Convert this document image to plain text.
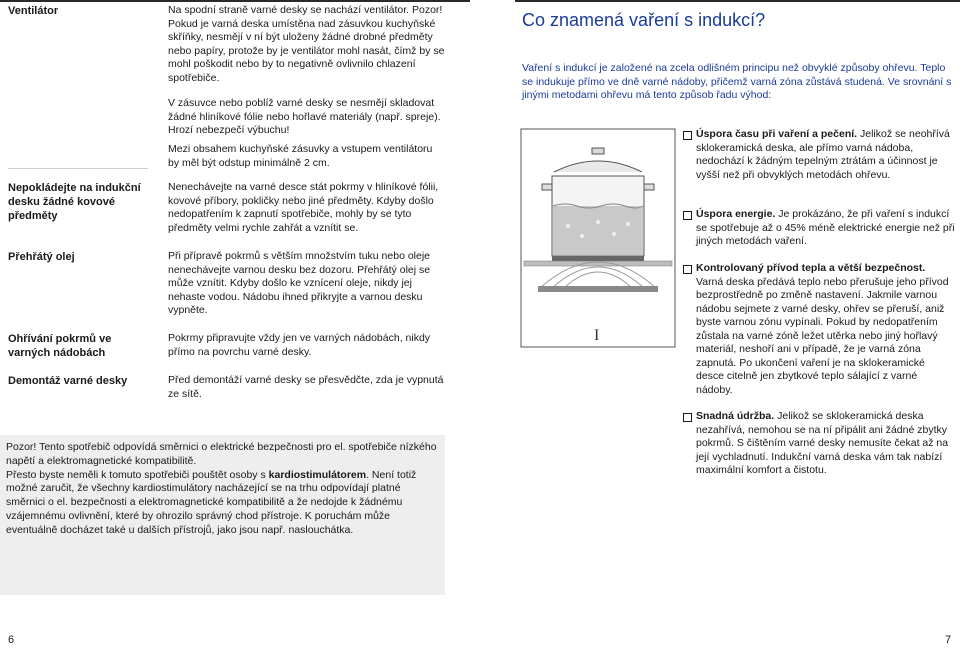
Ventilátor
Nepokládejte na indukční desku žádné kovové předměty
Přehřátý olej
Ohřívání pokrmů ve varných nádobách
Demontáž varné desky
Na spodní straně varné desky se nachází ventilátor. Pozor! Pokud je varná deska umístěna nad zásuvkou kuchyňské skříňky, nesmějí v ní být uloženy žádné drobné předměty nebo papíry, protože by je ventilátor mohl nasát, čímž by se mohl poškodit nebo by to negativně ovlivnilo chlazení spotřebiče.
V zásuvce nebo poblíž varné desky se nesmějí skladovat žádné hliníkové fólie nebo hořlavé materiály (např. spreje). Hrozí nebezpečí výbuchu!
Mezi obsahem kuchyňské zásuvky a vstupem ventilátoru by měl být odstup minimálně 2 cm.
Nenechávejte na varné desce stát pokrmy v hliníkové fólii, kovové příbory, pokličky nebo jiné předměty. Kdyby došlo nedopatřením k zapnutí spotřebiče, mohly by se tyto předměty velmi rychle zahřát a vznítit se.
Při přípravě pokrmů s větším množstvím tuku nebo oleje nenechávejte varnou desku bez dozoru. Přehřátý olej se může vznítit. Kdyby došlo ke vznícení oleje, nikdy jej nehaste vodou. Nádobu ihned přikryjte a varnou desku vypněte.
Pokrmy připravujte vždy jen ve varných nádobách, nikdy přímo na povrchu varné desky.
Před demontáží varné desky se přesvědčte, zda je vypnutá ze sítě.
Pozor! Tento spotřebič odpovídá směrnici o elektrické bezpečnosti pro el. spotřebiče nízkého napětí a elektromagnetické kompatibilitě.
Přesto byste neměli k tomuto spotřebiči pouštět osoby s kardiostimulátorem. Není totiž možné zaručit, že všechny kardiostimulátory nacházející se na trhu odpovídají platné směrnici o el. bezpečnosti a elektromagnetické kompatibilitě a že nedojde k žádnému vzájemnému ovlivnění, které by ohrozilo správný chod přístroje. K poruchám může eventuálně docházet také u dalších přístrojů, jako jsou např. naslouchátka.
6
Co znamená vaření s indukcí?
Vaření s indukcí je založené na zcela odlišném principu než obvyklé způsoby ohřevu. Teplo se indukuje přímo ve dně varné nádoby, přičemž varná zóna zůstává studená. Ve srovnání s jinými metodami ohřevu má tento způsob řadu výhod:
I
Úspora času při vaření a pečení. Jelikož se neohřívá sklokeramická deska, ale přímo varná nádoba, nedochází k žádným tepelným ztrátám a účinnost je vyšší než při obvyklých metodách ohřevu.
Úspora energie. Je prokázáno, že při vaření s indukcí se spotřebuje až o 45% méně elektrické energie než při jiných metodách vaření.
Kontrolovaný přívod tepla a větší bezpečnost. Varná deska předává teplo nebo přerušuje jeho přívod bezprostředně po změně nastavení. Jakmile varnou nádobu sejmete z varné desky, ohřev se přeruší, aniž byste varnou zónu vypínali. Pokud by nedopatřením zůstala na varné zóně ležet utěrka nebo jiný hořlavý materiál, neshoří ani v případě, že je varná zóna zapnutá. Po ukončení vaření je na sklokeramické desce citelně jen zbytkové teplo sálající z varné nádoby.
Snadná údržba. Jelikož se sklokeramická deska nezahřívá, nemohou se na ní připálit ani žádné zbytky pokrmů. S čištěním varné desky nemusíte čekat až na její vychladnutí. Indukční varná deska vám tak nabízí maximální komfort a čistotu.
7
